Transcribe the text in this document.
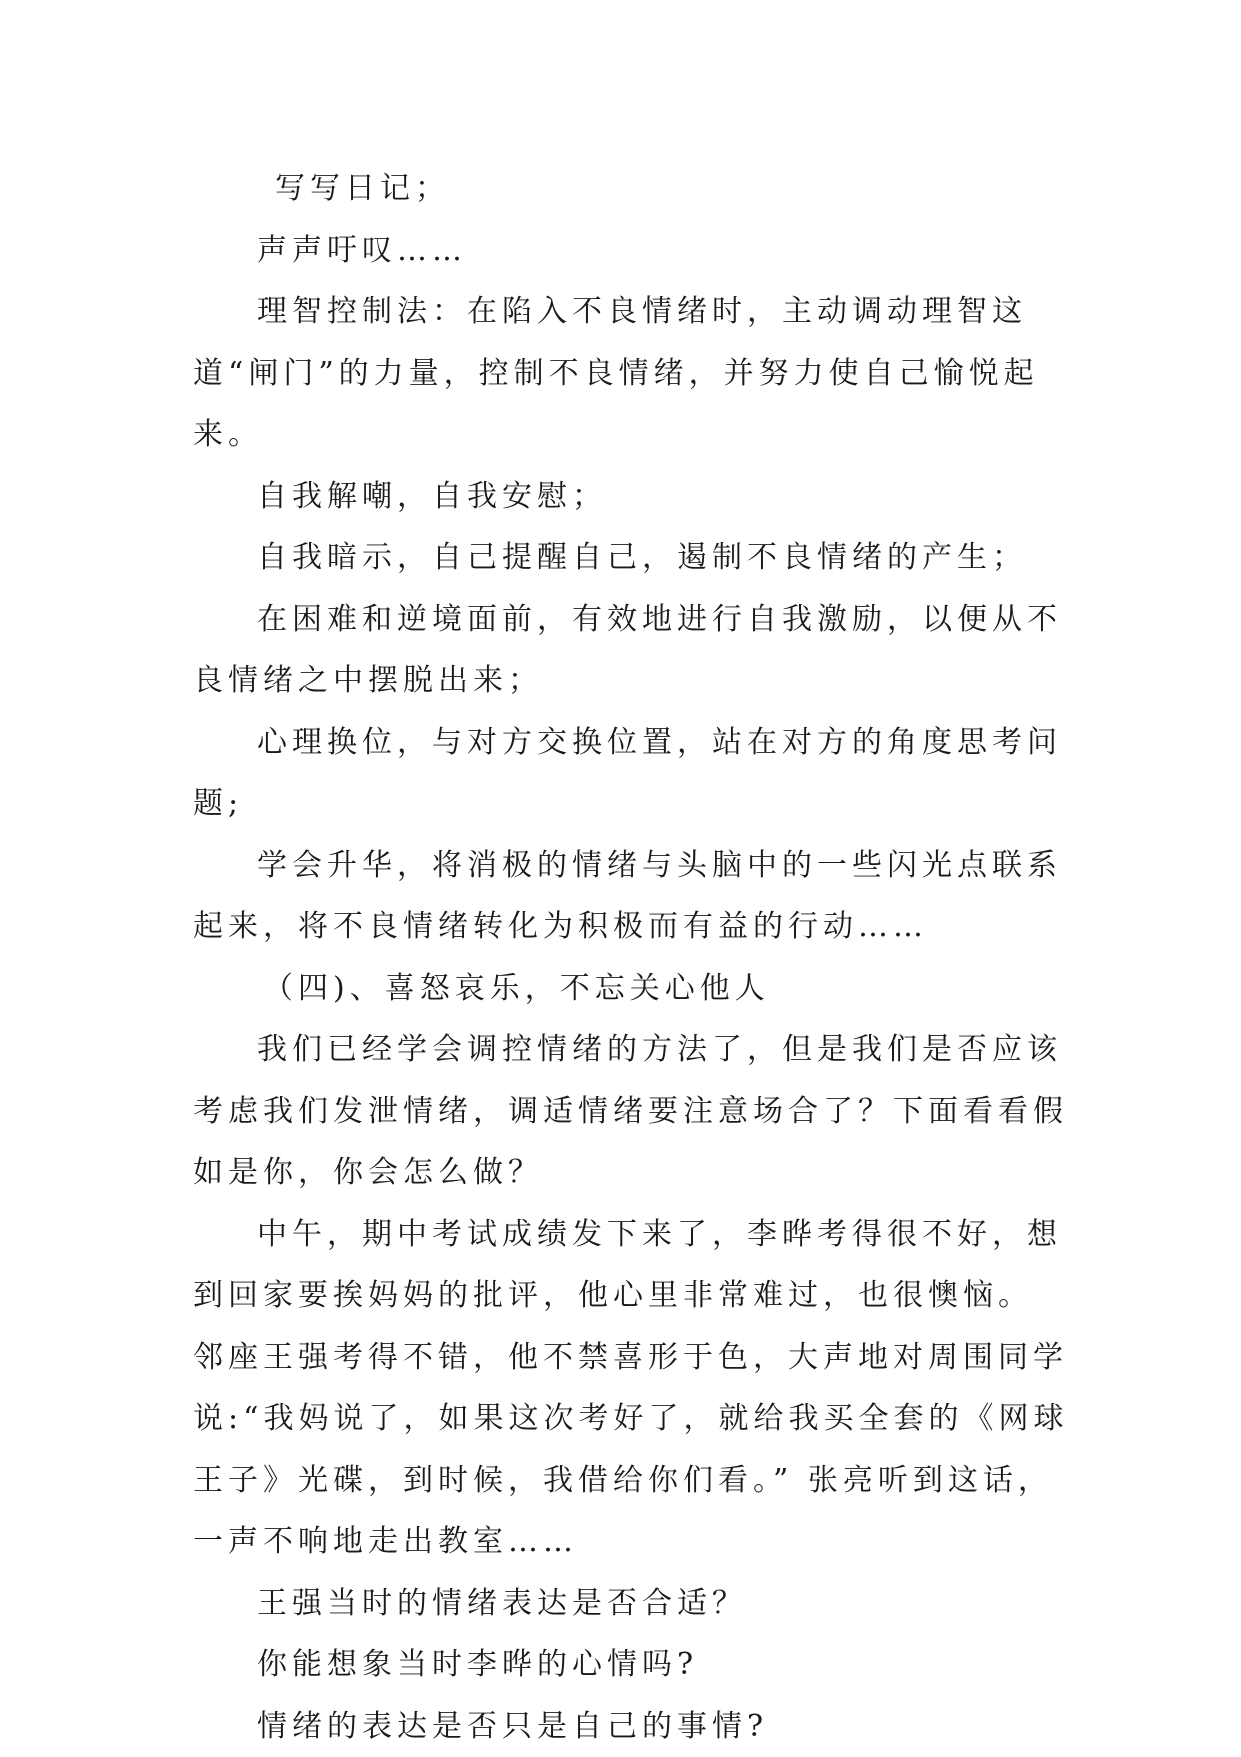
写写日记；

声声吁叹……

理智控制法：在陷入不良情绪时，主动调动理智这道“闸门”的力量，控制不良情绪，并努力使自己愉悦起来。

自我解嘲，自我安慰；

自我暗示，自己提醒自己，遏制不良情绪的产生；

在困难和逆境面前，有效地进行自我激励，以便从不良情绪之中摆脱出来；

心理换位，与对方交换位置，站在对方的角度思考问题;

学会升华，将消极的情绪与头脑中的一些闪光点联系起来，将不良情绪转化为积极而有益的行动……

（四)、喜怒哀乐，不忘关心他人

我们已经学会调控情绪的方法了，但是我们是否应该考虑我们发泄情绪，调适情绪要注意场合了？下面看看假如是你，你会怎么做？

中午，期中考试成绩发下来了，李晔考得很不好，想到回家要挨妈妈的批评，他心里非常难过，也很懊恼。 邻座王强考得不错，他不禁喜形于色，大声地对周围同学说:“我妈说了，如果这次考好了，就给我买全套的《网球王子》光碟，到时候，我借给你们看。” 张亮听到这话，一声不响地走出教室……

王强当时的情绪表达是否合适？

你能想象当时李晔的心情吗?

情绪的表达是否只是自己的事情?
